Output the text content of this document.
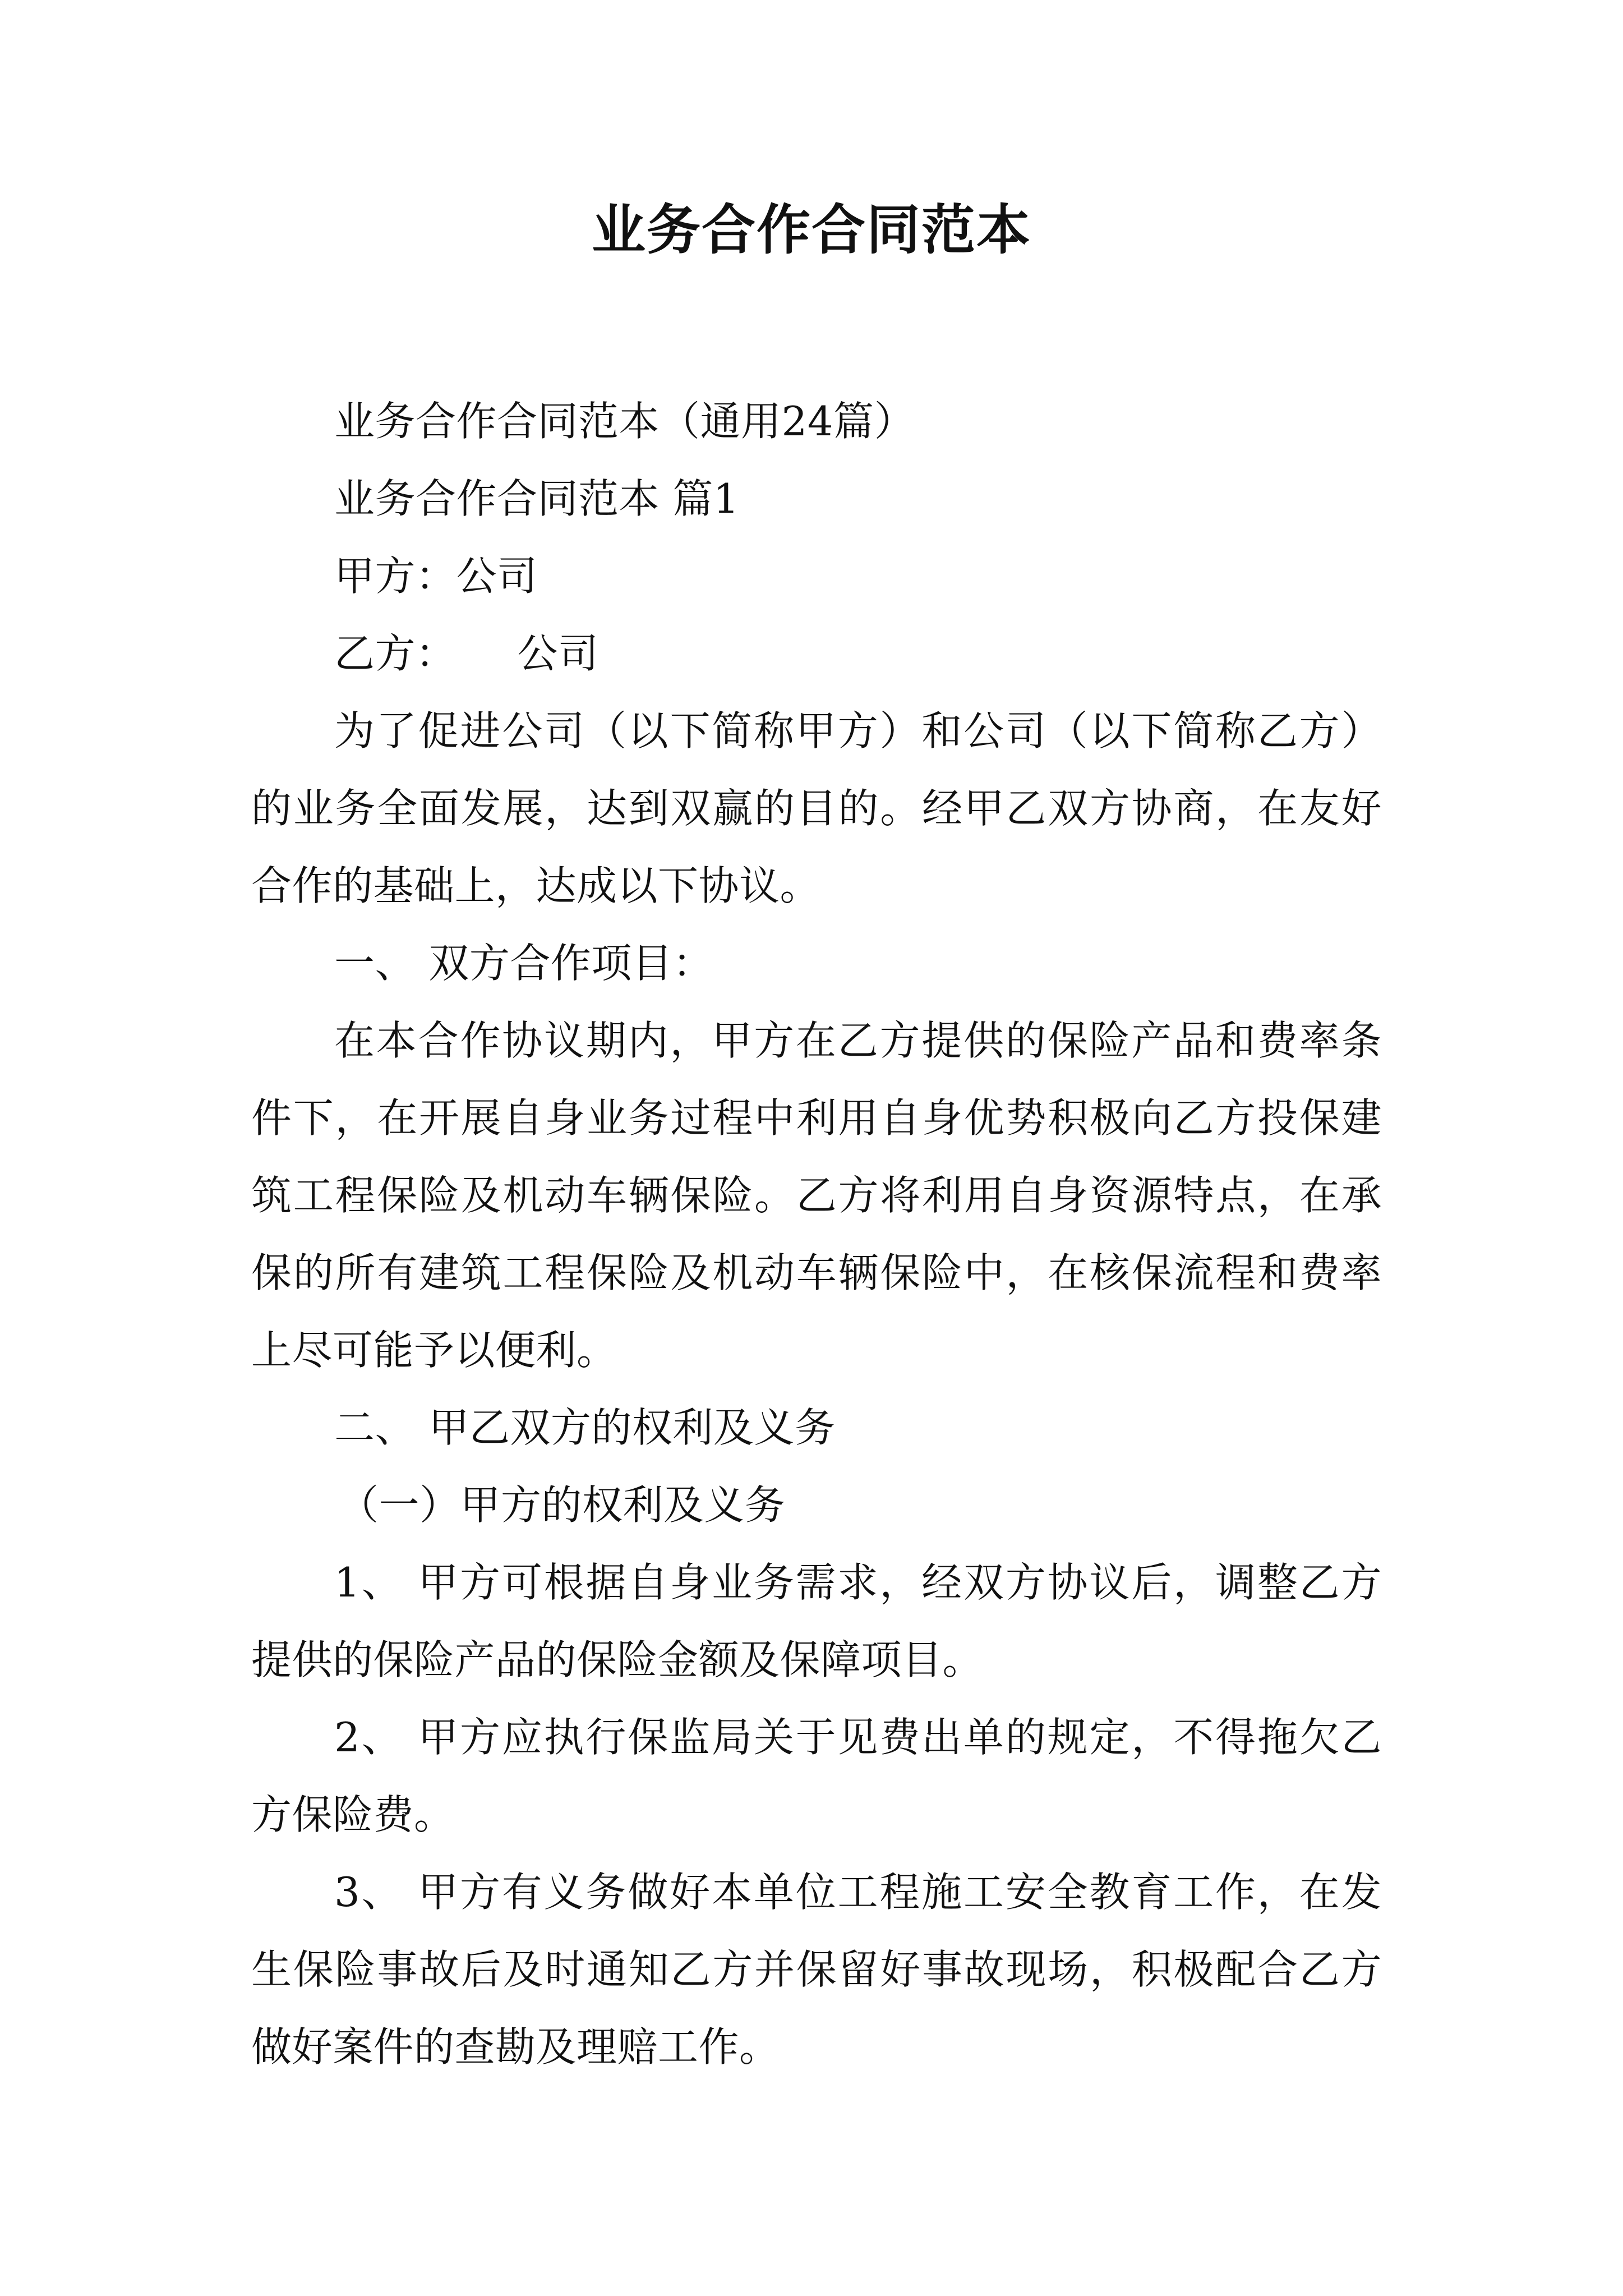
业务合作合同范本

业务合作合同范本（通用24篇）

业务合作合同范本 篇1

甲方：公司

乙方：　　公司

为了促进公司（以下简称甲方）和公司（以下简称乙方）的业务全面发展，达到双赢的目的。经甲乙双方协商，在友好合作的基础上，达成以下协议。

一、 双方合作项目：

在本合作协议期内，甲方在乙方提供的保险产品和费率条件下，在开展自身业务过程中利用自身优势积极向乙方投保建筑工程保险及机动车辆保险。乙方将利用自身资源特点，在承保的所有建筑工程保险及机动车辆保险中，在核保流程和费率上尽可能予以便利。

二、 甲乙双方的权利及义务

（一）甲方的权利及义务

1、 甲方可根据自身业务需求，经双方协议后，调整乙方提供的保险产品的保险金额及保障项目。

2、 甲方应执行保监局关于见费出单的规定，不得拖欠乙方保险费。

3、 甲方有义务做好本单位工程施工安全教育工作，在发生保险事故后及时通知乙方并保留好事故现场，积极配合乙方做好案件的查勘及理赔工作。
